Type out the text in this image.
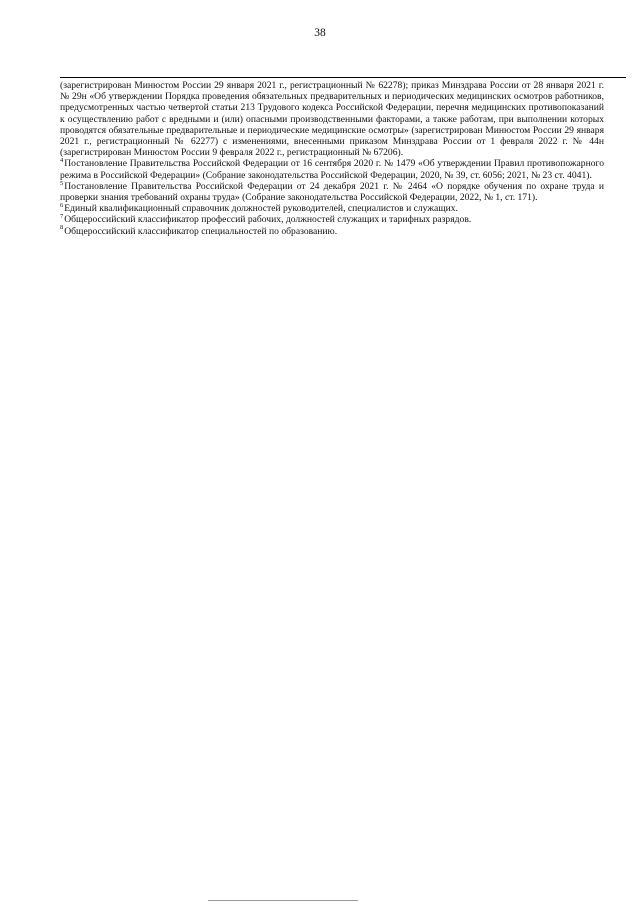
38

(зарегистрирован Минюстом России 29 января 2021 г., регистрационный № 62278); приказ Минздрава России от 28 января 2021 г. № 29н «Об утверждении Порядка проведения обязательных предварительных и периодических медицинских осмотров работников, предусмотренных частью четвертой статьи 213 Трудового кодекса Российской Федерации, перечня медицинских противопоказаний к осуществлению работ с вредными и (или) опасными производственными факторами, а также работам, при выполнении которых проводятся обязательные предварительные и периодические медицинские осмотры» (зарегистрирован Минюстом России 29 января 2021 г., регистрационный № 62277) с изменениями, внесенными приказом Минздрава России от 1 февраля 2022 г. № 44н (зарегистрирован Минюстом России 9 февраля 2022 г., регистрационный № 67206).

$^4$Постановление Правительства Российской Федерации от 16 сентября 2020 г. № 1479 «Об утверждении Правил противопожарного режима в Российской Федерации» (Собрание законодательства Российской Федерации, 2020, № 39, ст. 6056; 2021, № 23 ст. 4041).

$^5$Постановление Правительства Российской Федерации от 24 декабря 2021 г. № 2464 «О порядке обучения по охране труда и проверки знания требований охраны труда» (Собрание законодательства Российской Федерации, 2022, № 1, ст. 171).

$^6$Единый квалификационный справочник должностей руководителей, специалистов и служащих.

$^7$Общероссийский классификатор профессий рабочих, должностей служащих и тарифных разрядов.

$^8$Общероссийский классификатор специальностей по образованию.
